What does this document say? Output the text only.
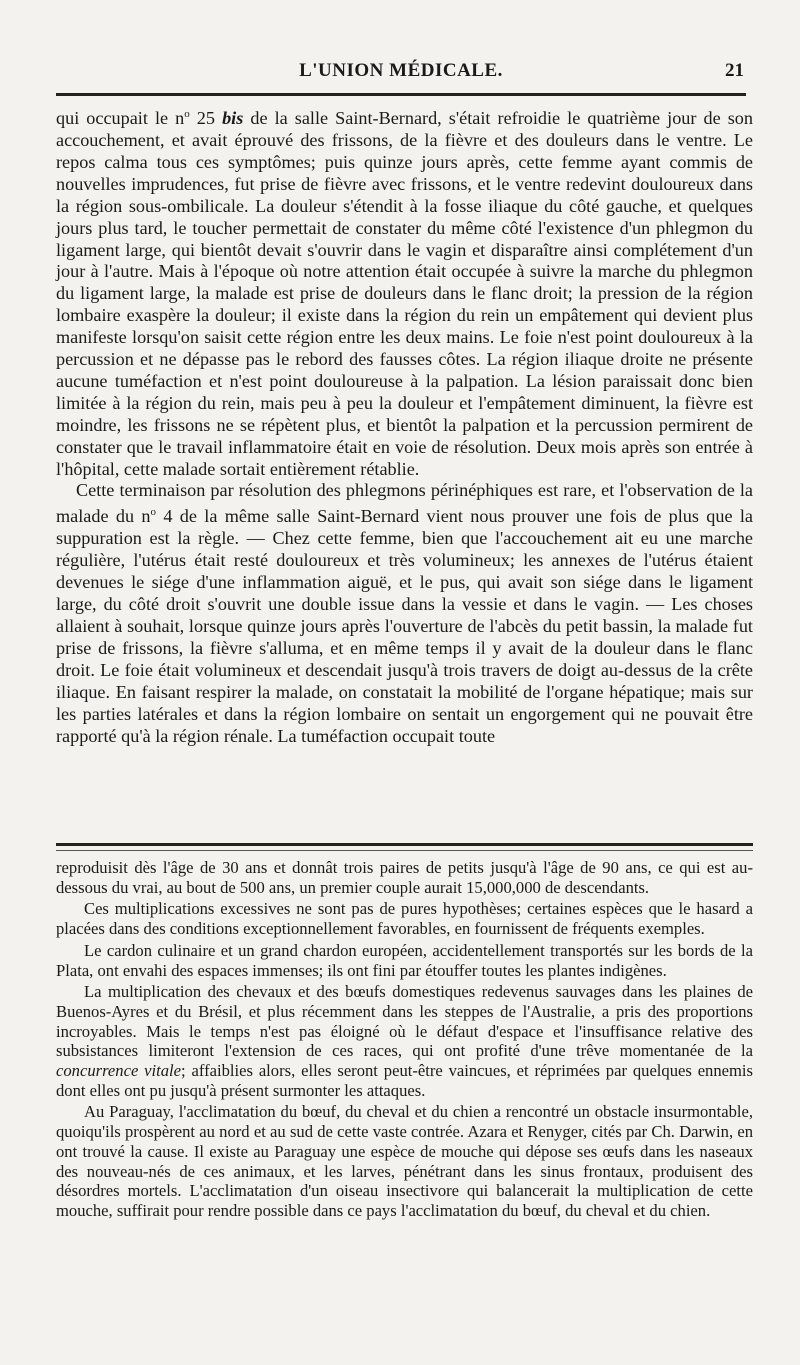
L'UNION MÉDICALE.	21

qui occupait le $n^o$ 25 bis de la salle Saint-Bernard, s'était refroidie le quatrième jour de son accouchement, et avait éprouvé des frissons, de la fièvre et des douleurs dans le ventre. Le repos calma tous ces symptômes; puis quinze jours après, cette femme ayant commis de nouvelles imprudences, fut prise de fièvre avec frissons, et le ventre redevint douloureux dans la région sous-ombilicale. La douleur s'étendit à la fosse iliaque du côté gauche, et quelques jours plus tard, le toucher permettait de constater du même côté l'existence d'un phlegmon du ligament large, qui bientôt devait s'ouvrir dans le vagin et disparaître ainsi complétement d'un jour à l'autre. Mais à l'époque où notre attention était occupée à suivre la marche du phlegmon du ligament large, la malade est prise de douleurs dans le flanc droit; la pression de la région lombaire exaspère la douleur; il existe dans la région du rein un empâtement qui devient plus manifeste lorsqu'on saisit cette région entre les deux mains. Le foie n'est point douloureux à la percussion et ne dépasse pas le rebord des fausses côtes. La région iliaque droite ne présente aucune tuméfaction et n'est point douloureuse à la palpation. La lésion paraissait donc bien limitée à la région du rein, mais peu à peu la douleur et l'empâtement diminuent, la fièvre est moindre, les frissons ne se répètent plus, et bientôt la palpation et la percussion permirent de constater que le travail inflammatoire était en voie de résolution. Deux mois après son entrée à l'hôpital, cette malade sortait entièrement rétablie.

Cette terminaison par résolution des phlegmons périnéphiques est rare, et l'observation de la malade du $n^o$ 4 de la même salle Saint-Bernard vient nous prouver une fois de plus que la suppuration est la règle. — Chez cette femme, bien que l'accouchement ait eu une marche régulière, l'utérus était resté douloureux et très volumineux; les annexes de l'utérus étaient devenues le siége d'une inflammation aiguë, et le pus, qui avait son siége dans le ligament large, du côté droit s'ouvrit une double issue dans la vessie et dans le vagin. — Les choses allaient à souhait, lorsque quinze jours après l'ouverture de l'abcès du petit bassin, la malade fut prise de frissons, la fièvre s'alluma, et en même temps il y avait de la douleur dans le flanc droit. Le foie était volumineux et descendait jusqu'à trois travers de doigt au-dessus de la crête iliaque. En faisant respirer la malade, on constatait la mobilité de l'organe hépatique; mais sur les parties latérales et dans la région lombaire on sentait un engorgement qui ne pouvait être rapporté qu'à la région rénale. La tuméfaction occupait toute

reproduisit dès l'âge de 30 ans et donnât trois paires de petits jusqu'à l'âge de 90 ans, ce qui est au-dessous du vrai, au bout de 500 ans, un premier couple aurait 15,000,000 de descendants.

Ces multiplications excessives ne sont pas de pures hypothèses; certaines espèces que le hasard a placées dans des conditions exceptionnellement favorables, en fournissent de fréquents exemples.

Le cardon culinaire et un grand chardon européen, accidentellement transportés sur les bords de la Plata, ont envahi des espaces immenses; ils ont fini par étouffer toutes les plantes indigènes.

La multiplication des chevaux et des bœufs domestiques redevenus sauvages dans les plaines de Buenos-Ayres et du Brésil, et plus récemment dans les steppes de l'Australie, a pris des proportions incroyables. Mais le temps n'est pas éloigné où le défaut d'espace et l'insuffisance relative des subsistances limiteront l'extension de ces races, qui ont profité d'une trêve momentanée de la concurrence vitale; affaiblies alors, elles seront peut-être vaincues, et réprimées par quelques ennemis dont elles ont pu jusqu'à présent surmonter les attaques.

Au Paraguay, l'acclimatation du bœuf, du cheval et du chien a rencontré un obstacle insurmontable, quoiqu'ils prospèrent au nord et au sud de cette vaste contrée. Azara et Renyger, cités par Ch. Darwin, en ont trouvé la cause. Il existe au Paraguay une espèce de mouche qui dépose ses œufs dans les naseaux des nouveau-nés de ces animaux, et les larves, pénétrant dans les sinus frontaux, produisent des désordres mortels. L'acclimatation d'un oiseau insectivore qui balancerait la multiplication de cette mouche, suffirait pour rendre possible dans ce pays l'acclimatation du bœuf, du cheval et du chien.
